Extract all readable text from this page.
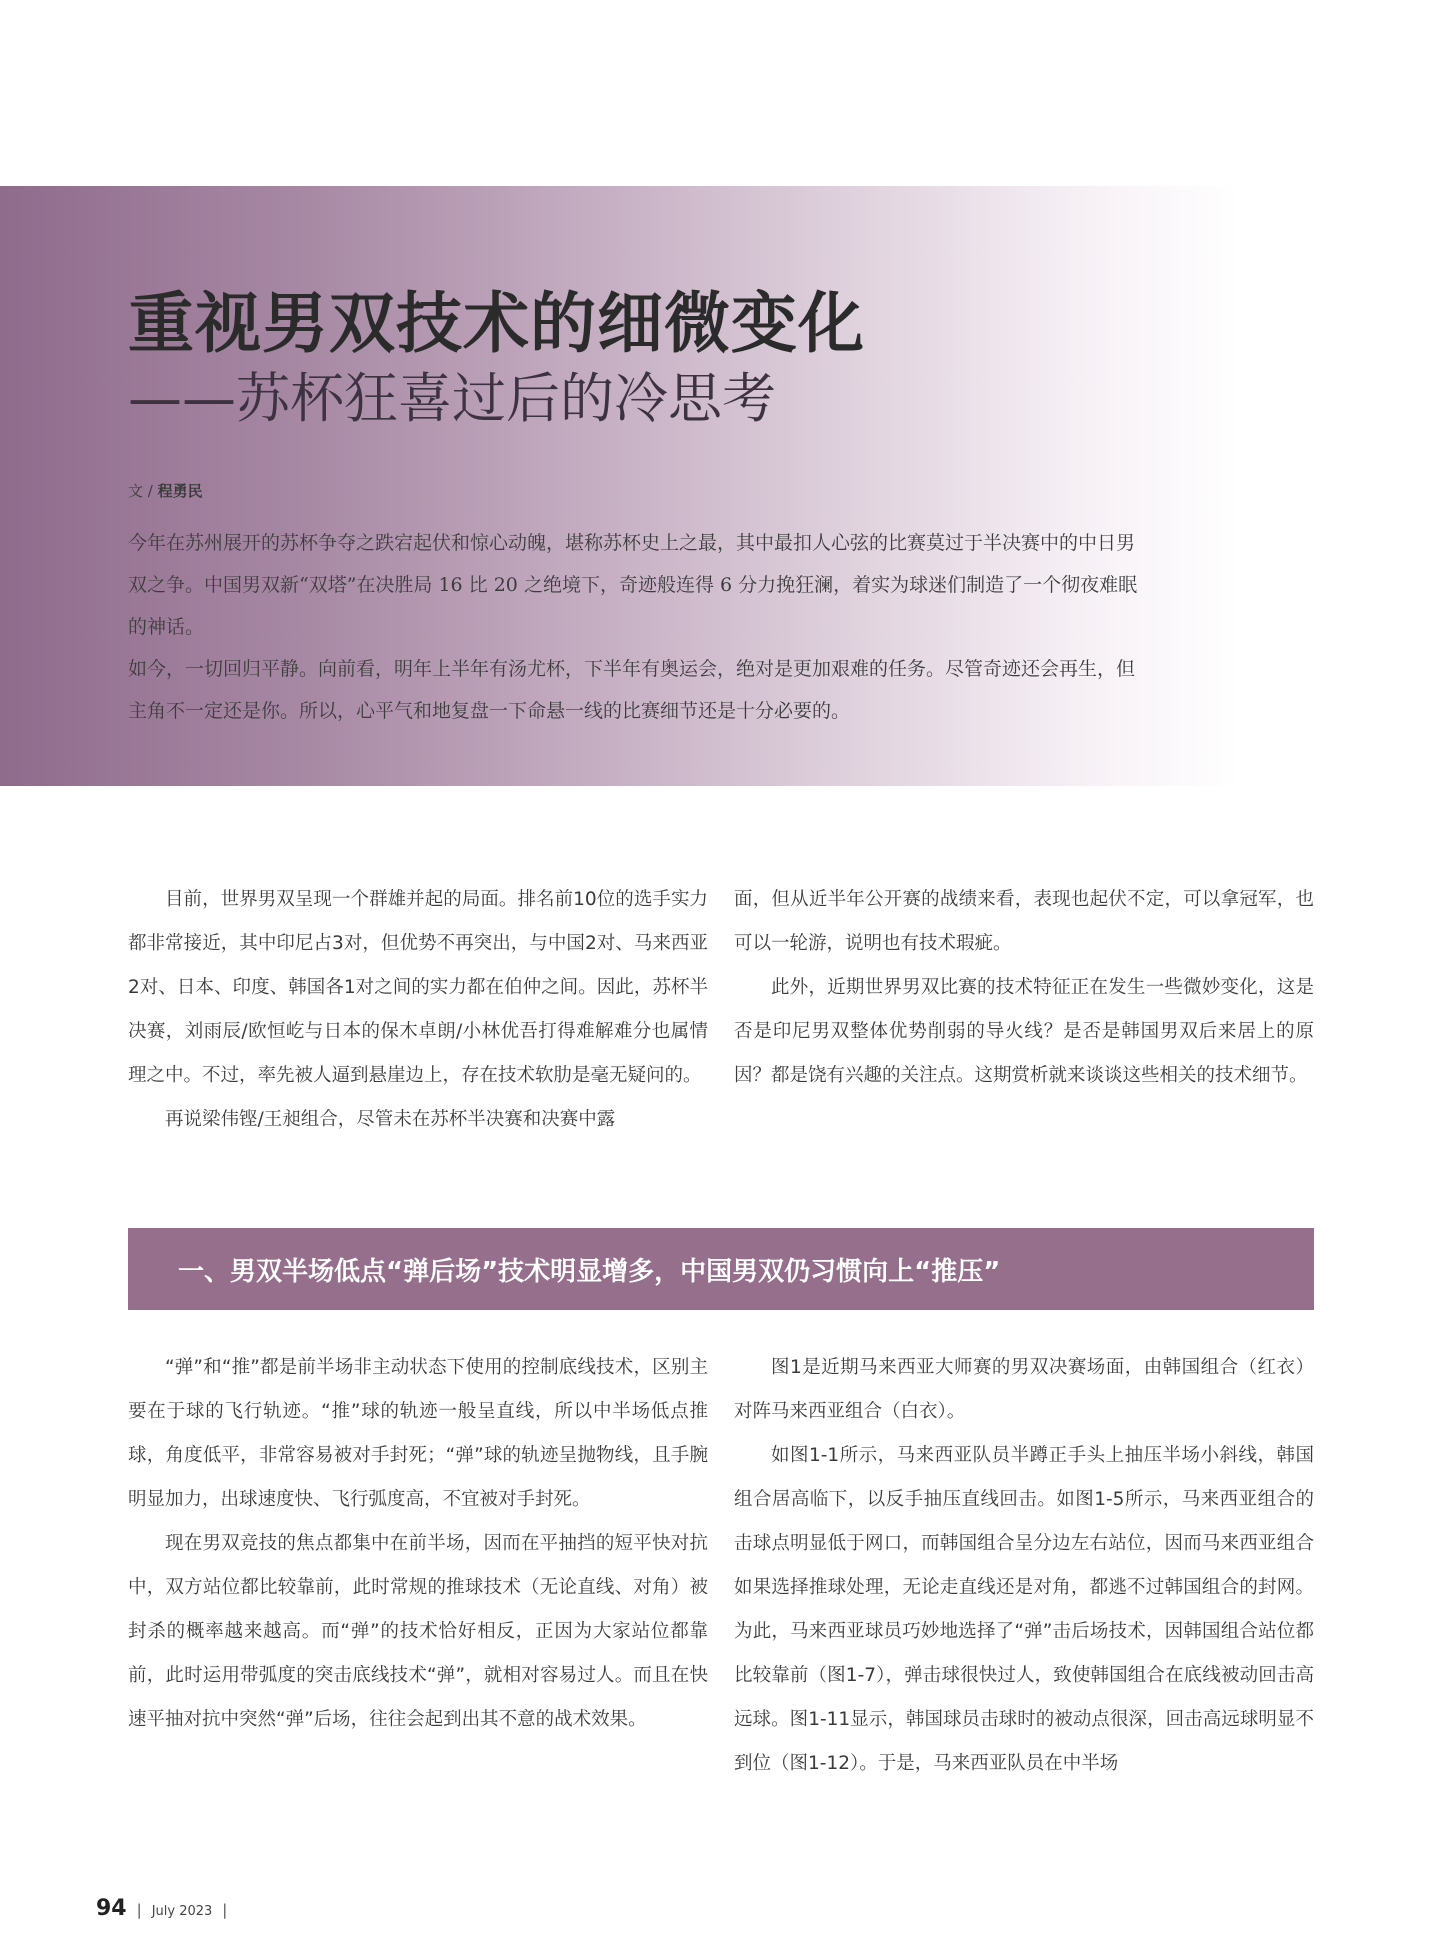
重视男双技术的细微变化
——苏杯狂喜过后的冷思考
文 / 程勇民

今年在苏州展开的苏杯争夺之跌宕起伏和惊心动魄，堪称苏杯史上之最，其中最扣人心弦的比赛莫过于半决赛中的中日男双之争。中国男双新“双塔”在决胜局 16 比 20 之绝境下，奇迹般连得 6 分力挽狂澜，着实为球迷们制造了一个彻夜难眠的神话。

如今，一切回归平静。向前看，明年上半年有汤尤杯，下半年有奥运会，绝对是更加艰难的任务。尽管奇迹还会再生，但主角不一定还是你。所以，心平气和地复盘一下命悬一线的比赛细节还是十分必要的。

目前，世界男双呈现一个群雄并起的局面。排名前10位的选手实力都非常接近，其中印尼占3对，但优势不再突出，与中国2对、马来西亚2对、日本、印度、韩国各1对之间的实力都在伯仲之间。因此，苏杯半决赛，刘雨辰/欧恒屹与日本的保木卓朗/小林优吾打得难解难分也属情理之中。不过，率先被人逼到悬崖边上，存在技术软肋是毫无疑问的。

再说梁伟铿/王昶组合，尽管未在苏杯半决赛和决赛中露

面，但从近半年公开赛的战绩来看，表现也起伏不定，可以拿冠军，也可以一轮游，说明也有技术瑕疵。

此外，近期世界男双比赛的技术特征正在发生一些微妙变化，这是否是印尼男双整体优势削弱的导火线？是否是韩国男双后来居上的原因？都是饶有兴趣的关注点。这期赏析就来谈谈这些相关的技术细节。

一、男双半场低点“弹后场”技术明显增多，中国男双仍习惯向上“推压”

“弹”和“推”都是前半场非主动状态下使用的控制底线技术，区别主要在于球的飞行轨迹。“推”球的轨迹一般呈直线，所以中半场低点推球，角度低平，非常容易被对手封死；“弹”球的轨迹呈抛物线，且手腕明显加力，出球速度快、飞行弧度高，不宜被对手封死。

现在男双竞技的焦点都集中在前半场，因而在平抽挡的短平快对抗中，双方站位都比较靠前，此时常规的推球技术（无论直线、对角）被封杀的概率越来越高。而“弹”的技术恰好相反，正因为大家站位都靠前，此时运用带弧度的突击底线技术“弹”，就相对容易过人。而且在快速平抽对抗中突然“弹”后场，往往会起到出其不意的战术效果。

图1是近期马来西亚大师赛的男双决赛场面，由韩国组合（红衣）对阵马来西亚组合（白衣）。

如图1-1所示，马来西亚队员半蹲正手头上抽压半场小斜线，韩国组合居高临下，以反手抽压直线回击。如图1-5所示，马来西亚组合的击球点明显低于网口，而韩国组合呈分边左右站位，因而马来西亚组合如果选择推球处理，无论走直线还是对角，都逃不过韩国组合的封网。为此，马来西亚球员巧妙地选择了“弹”击后场技术，因韩国组合站位都比较靠前（图1-7），弹击球很快过人，致使韩国组合在底线被动回击高远球。图1-11显示，韩国球员击球时的被动点很深，回击高远球明显不到位（图1-12）。于是，马来西亚队员在中半场

94 | July 2023 |
